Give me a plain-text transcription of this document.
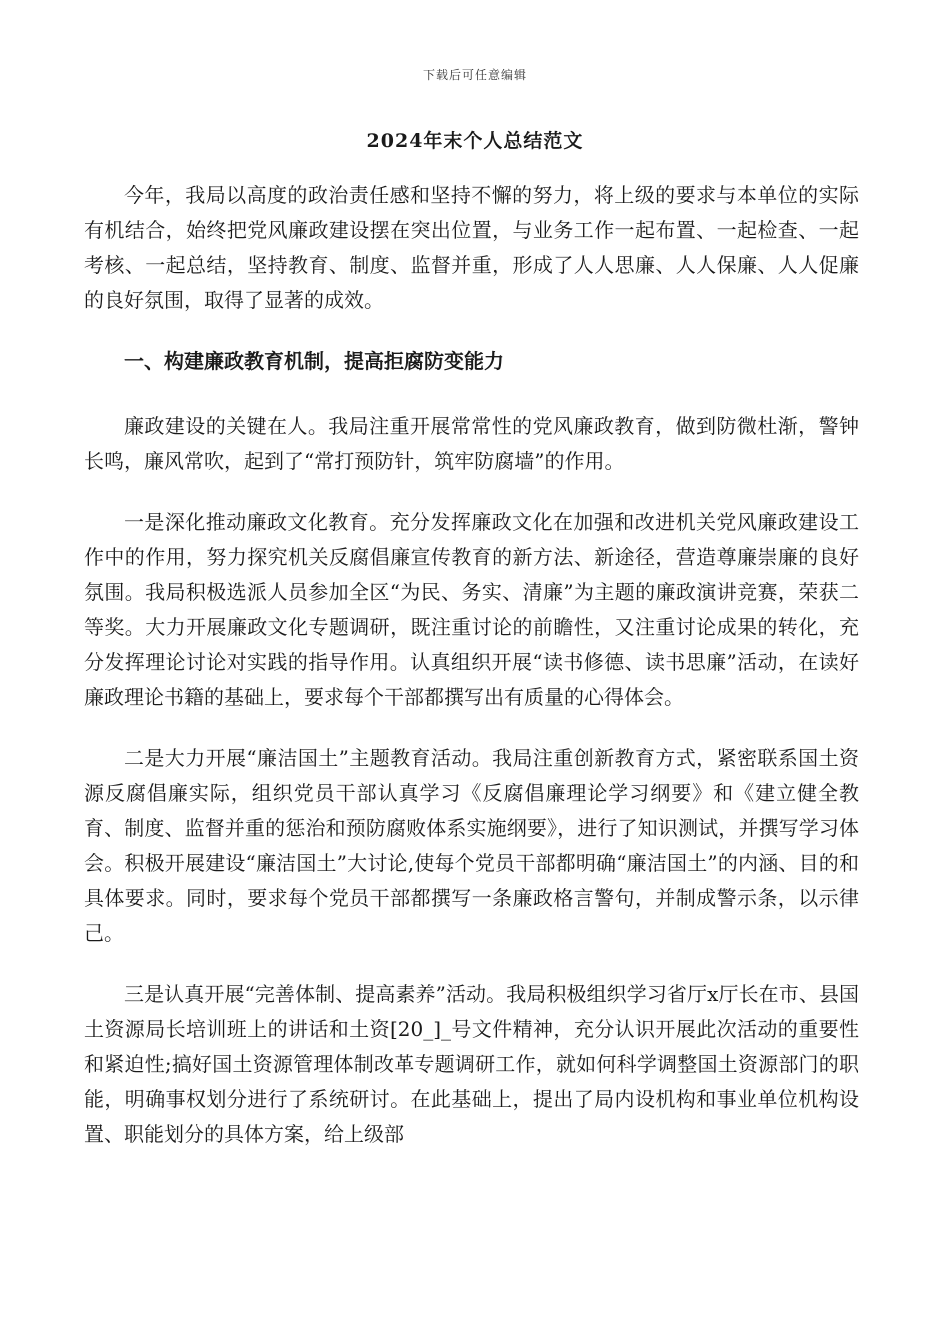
下载后可任意编辑
2024年末个人总结范文

今年，我局以高度的政治责任感和坚持不懈的努力，将上级的要求与本单位的实际有机结合，始终把党风廉政建设摆在突出位置，与业务工作一起布置、一起检查、一起考核、一起总结，坚持教育、制度、监督并重，形成了人人思廉、人人保廉、人人促廉的良好氛围，取得了显著的成效。

一、构建廉政教育机制，提高拒腐防变能力

廉政建设的关键在人。我局注重开展常常性的党风廉政教育，做到防微杜渐，警钟长鸣，廉风常吹，起到了“常打预防针，筑牢防腐墙”的作用。

一是深化推动廉政文化教育。充分发挥廉政文化在加强和改进机关党风廉政建设工作中的作用，努力探究机关反腐倡廉宣传教育的新方法、新途径，营造尊廉崇廉的良好氛围。我局积极选派人员参加全区“为民、务实、清廉”为主题的廉政演讲竞赛，荣获二等奖。大力开展廉政文化专题调研，既注重讨论的前瞻性，又注重讨论成果的转化，充分发挥理论讨论对实践的指导作用。认真组织开展“读书修德、读书思廉”活动，在读好廉政理论书籍的基础上，要求每个干部都撰写出有质量的心得体会。

二是大力开展“廉洁国土”主题教育活动。我局注重创新教育方式，紧密联系国土资源反腐倡廉实际，组织党员干部认真学习《反腐倡廉理论学习纲要》和《建立健全教育、制度、监督并重的惩治和预防腐败体系实施纲要》，进行了知识测试，并撰写学习体会。积极开展建设“廉洁国土”大讨论,使每个党员干部都明确“廉洁国土”的内涵、目的和具体要求。同时，要求每个党员干部都撰写一条廉政格言警句，并制成警示条，以示律己。

三是认真开展“完善体制、提高素养”活动。我局积极组织学习省厅x厅长在市、县国土资源局长培训班上的讲话和土资[20_]_号文件精神，充分认识开展此次活动的重要性和紧迫性;搞好国土资源管理体制改革专题调研工作，就如何科学调整国土资源部门的职能，明确事权划分进行了系统研讨。在此基础上，提出了局内设机构和事业单位机构设置、职能划分的具体方案，给上级部
